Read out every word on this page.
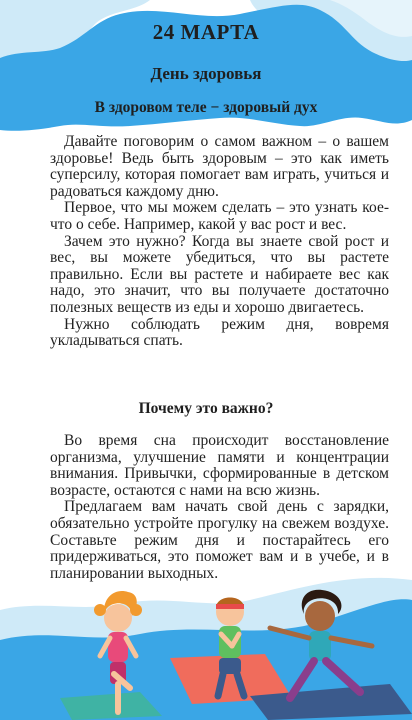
24 МАРТА
День здоровья
В здоровом теле − здоровый дух

Давайте поговорим о самом важном – о вашем здоровье! Ведь быть здоровым – это как иметь суперсилу, которая помогает вам играть, учиться и радоваться каждому дню.

Первое, что мы можем сделать – это узнать кое-что о себе. Например, какой у вас рост и вес.

Зачем это нужно? Когда вы знаете свой рост и вес, вы можете убедиться, что вы растете правильно. Если вы растете и набираете вес как надо, это значит, что вы получаете достаточно полезных веществ из еды и хорошо двигаетесь.

Нужно соблюдать режим дня, вовремя укладываться спать.

Почему это важно?

Во время сна происходит восстановление организма, улучшение памяти и концентрации внимания. Привычки, сформированные в детском возрасте, остаются с нами на всю жизнь.

Предлагаем вам начать свой день с зарядки, обязательно устройте прогулку на свежем воздухе. Составьте режим дня и постарайтесь его придерживаться, это поможет вам и в учебе, и в планировании выходных.
